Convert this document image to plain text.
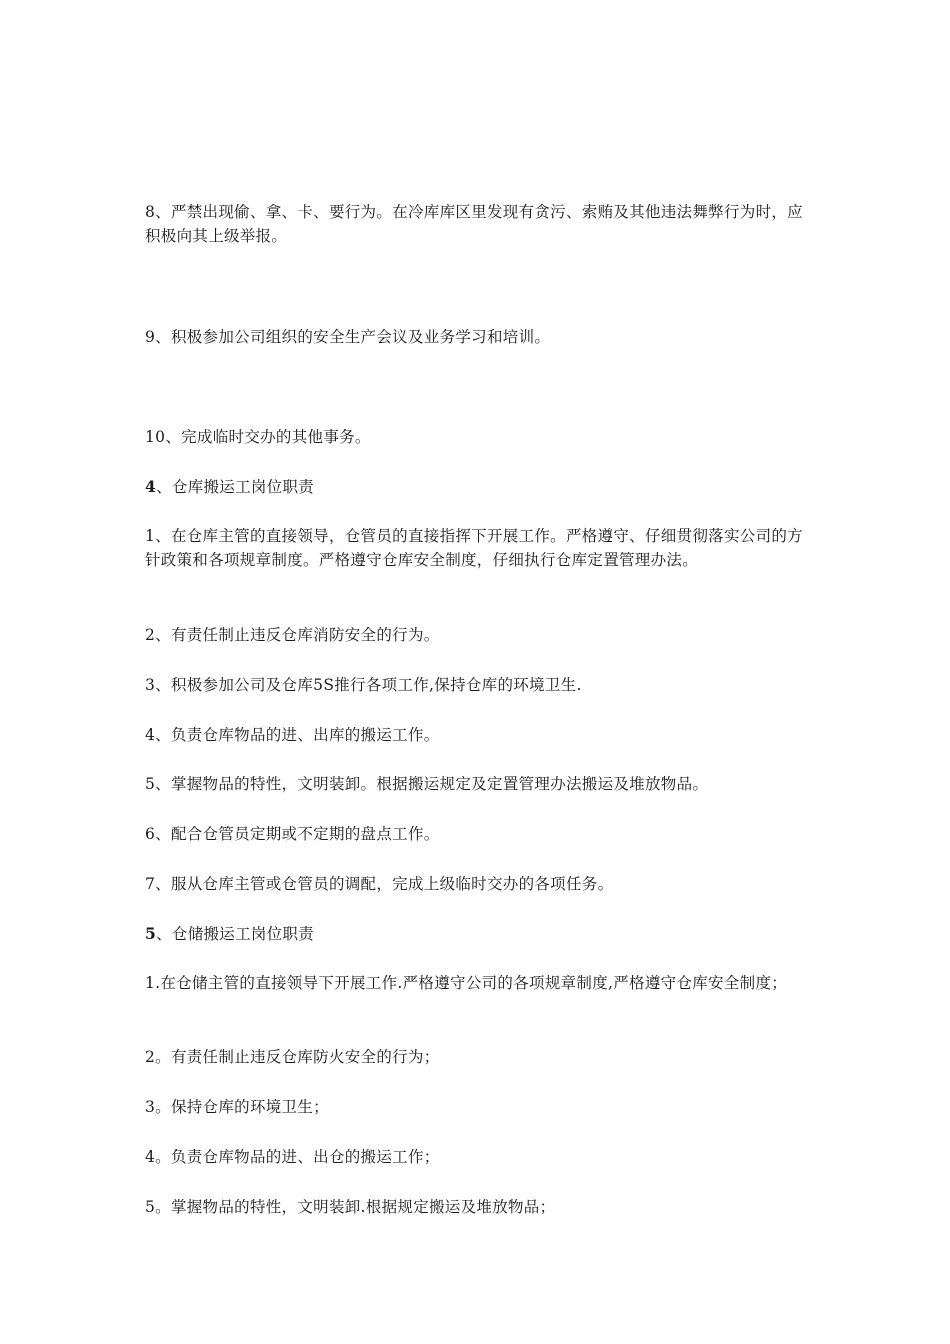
8、严禁出现偷、拿、卡、要行为。在冷库库区里发现有贪污、索贿及其他违法舞弊行为时，应积极向其上级举报。

9、积极参加公司组织的安全生产会议及业务学习和培训。

10、完成临时交办的其他事务。

4、仓库搬运工岗位职责

1、在仓库主管的直接领导，仓管员的直接指挥下开展工作。严格遵守、仔细贯彻落实公司的方针政策和各项规章制度。严格遵守仓库安全制度，仔细执行仓库定置管理办法。

2、有责任制止违反仓库消防安全的行为。

3、积极参加公司及仓库5S推行各项工作,保持仓库的环境卫生.

4、负责仓库物品的进、出库的搬运工作。

5、掌握物品的特性，文明装卸。根据搬运规定及定置管理办法搬运及堆放物品。

6、配合仓管员定期或不定期的盘点工作。

7、服从仓库主管或仓管员的调配，完成上级临时交办的各项任务。

5、仓储搬运工岗位职责

1.在仓储主管的直接领导下开展工作.严格遵守公司的各项规章制度,严格遵守仓库安全制度；

2。有责任制止违反仓库防火安全的行为；

3。保持仓库的环境卫生；

4。负责仓库物品的进、出仓的搬运工作；

5。掌握物品的特性，文明装卸.根据规定搬运及堆放物品；
